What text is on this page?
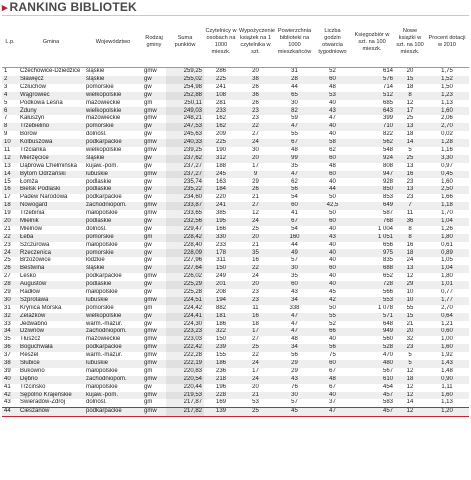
▸ RANKING BIBLIOTEK
L.p.	Gmina	Województwo	Rodzaj gminy	Suma punktów	Czytelnicy w osobach na 1000 mieszk.	Wypożyczenie książek na 1 czytelnika w szt.	Powierzchnia biblioteki na 1000 mieszkańców	Liczba godzin otwarcia tygodniowo	Księgozbiór w szt. na 100 mieszk.	Nowe książki w szt. na 100 mieszk.	Procent dotacji w 2010
1	Czechowice-Dziedzice	śląskie	gmw	259,25	286	20	31	52	614	20	1,75
2	Sławięcz	śląskie	gw	255,02	225	38	28	60	576	15	1,52
3	Człuchów	pomorskie	gw	254,98	241	26	44	48	714	18	1,50
4	Wągrowiec	wielkopolskie	gw	252,88	108	36	65	53	512	8	1,23
5	Podkowa Leśna	mazowieckie	gm	250,11	281	26	30	40	685	12	1,13
6	Zduny	wielkopolskie	gmw	249,03	233	23	82	43	643	17	1,60
7	Kałuszyn	mazowieckie	gmw	248,21	162	23	59	47	399	25	2,06
8	Trzebielino	pomorskie	gw	247,53	162	22	47	40	710	13	2,70
9	Borów	dolnośl.	gw	245,63	209	27	55	40	822	18	0,02
10	Kolbuszowa	podkarpackie	gmw	240,33	225	24	67	58	562	14	1,28
11	Trzcianka	wielkopolskie	gmw	239,25	190	30	48	62	548	5	1,16
12	Mierzęcice	śląskie	gw	237,62	312	20	99	60	924	25	3,30
13	Dąbrowa Chełmińska	kujaw.-pom.	gw	237,27	188	17	35	48	808	13	0,97
14	Bytom Odrzański	lubuskie	gmw	237,27	245	9	47	60	947	16	0,45
15	Łomża	podlaskie	gw	235,74	163	29	62	40	928	23	1,60
16	Bielsk Podlaski	podlaskie	gw	235,22	184	26	56	44	850	13	2,50
17	Padew Narodowa	podkarpackie	gw	234,60	220	21	54	50	853	23	1,66
18	Nowogard	zachodniopom.	gmw	233,87	241	27	60	42,5	649	7	1,18
19	Trzebinia	małopolskie	gmw	233,65	385	12	41	50	587	11	1,70
20	Mielnik	podlaskie	gw	232,56	195	24	67	60	768	36	1,04
21	Mielnów	dolnośl.	gw	229,47	166	25	54	40	1 004	8	1,26
22	Łeba	pomorskie	gm	228,42	330	20	160	43	1 051	8	1,80
23	Szczurowa	małopolskie	gw	228,40	233	21	44	40	656	16	0,61
24	Rzeczenica	pomorskie	gw	228,09	178	35	49	40	975	18	0,89
25	Brzozowice	łódzkie	gw	227,96	311	16	57	40	835	24	1,05
26	Bestwina	śląskie	gw	227,64	150	22	30	60	688	13	1,04
27	Lesko	podkarpackie	gmw	226,02	249	24	35	40	652	12	1,80
28	Augustów	podlaskie	gw	225,29	201	20	60	40	728	29	1,01
29	Radłów	małopolskie	gw	225,28	208	23	43	45	566	10	0,77
30	Szprotawa	lubuskie	gmw	224,51	194	23	34	42	553	10	1,77
31	Krynica Morska	pomorskie	gm	224,42	882	11	338	50	1 078	55	2,70
32	Żelazków	wielkopolskie	gw	224,41	181	16	47	55	571	15	0,64
33	Jedwabno	warm.-mazur.	gw	224,30	186	18	47	52	648	21	1,21
34	Dziwnów	zachodniopom.	gmw	223,23	322	17	47	66	949	20	0,60
35	Tłuszcz	mazowieckie	gmw	223,03	150	27	48	40	560	32	1,00
36	Boguchwała	podkarpackie	gmw	222,42	239	25	34	56	528	23	1,60
37	Reszel	warm.-mazur.	gmw	222,28	155	22	56	75	470	5	1,92
38	Słubice	lubuskie	gmw	222,19	186	24	29	60	480	5	1,43
39	Bukowno	małopolskie	gm	220,83	236	17	29	67	567	12	1,48
40	Dębno	zachodniopom.	gmw	220,54	218	24	43	48	610	18	0,90
41	Trzcińsko	małopolskie	gw	220,44	196	20	76	67	454	12	1,11
42	Sępólno Krajeńskie	kujaw.-pom.	gmw	219,53	228	21	30	40	457	12	1,60
43	Świeradów-Zdrój	dolnośl.	gm	217,87	169	53	57	37	583	14	1,13
44	Cieszanów	podkarpackie	gmw	217,82	139	25	45	47	457	12	1,20
